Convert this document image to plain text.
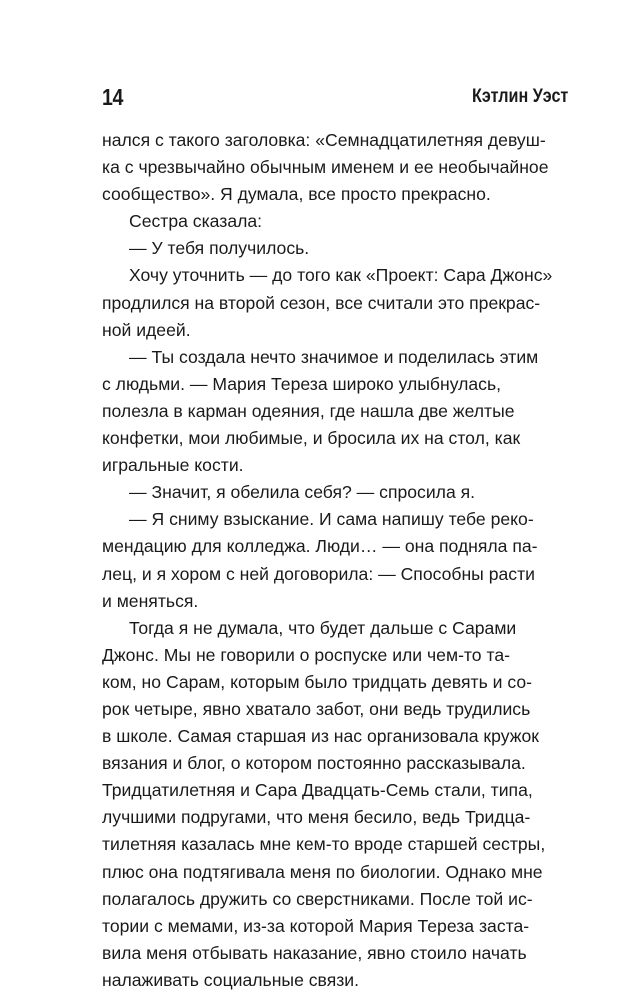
14	Кэтлин Уэст

нался с такого заголовка: «Семнадцатилетняя девуш-
ка с чрезвычайно обычным именем и ее необычайное
сообщество». Я думала, все просто прекрасно.

Сестра сказала:

— У тебя получилось.

Хочу уточнить — до того как «Проект: Сара Джонс»
продлился на второй сезон, все считали это прекрас-
ной идеей.

— Ты создала нечто значимое и поделилась этим
с людьми. — Мария Тереза широко улыбнулась,
полезла в карман одеяния, где нашла две желтые
конфетки, мои любимые, и бросила их на стол, как
игральные кости.

— Значит, я обелила себя? — спросила я.

— Я сниму взыскание. И сама напишу тебе реко-
мендацию для колледжа. Люди… — она подняла па-
лец, и я хором с ней договорила: — Способны расти
и меняться.

Тогда я не думала, что будет дальше с Сарами
Джонс. Мы не говорили о роспуске или чем-то та-
ком, но Сарам, которым было тридцать девять и со-
рок четыре, явно хватало забот, они ведь трудились
в школе. Самая старшая из нас организовала кружок
вязания и блог, о котором постоянно рассказывала.
Тридцатилетняя и Сара Двадцать-Семь стали, типа,
лучшими подругами, что меня бесило, ведь Тридца-
тилетняя казалась мне кем-то вроде старшей сестры,
плюс она подтягивала меня по биологии. Однако мне
полагалось дружить со сверстниками. После той ис-
тории с мемами, из-за которой Мария Тереза заста-
вила меня отбывать наказание, явно стоило начать
налаживать социальные связи.
